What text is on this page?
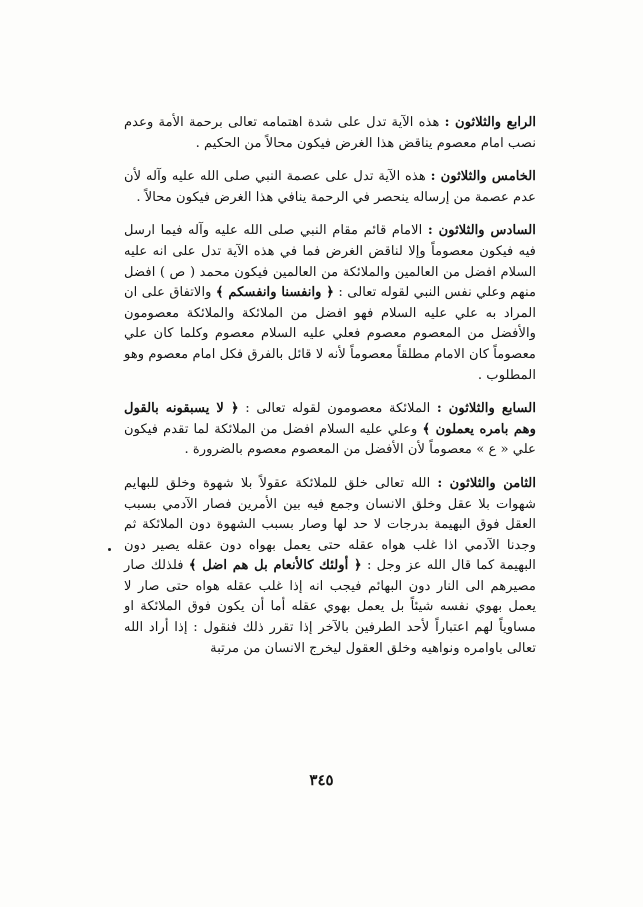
الرابع والثلاثون : هذه الآية تدل على شدة اهتمامه تعالى برحمة الأمة وعدم نصب امام معصوم يناقض هذا الغرض فيكون محالاً من الحكيم .

الخامس والثلاثون : هذه الآية تدل على عصمة النبي صلى الله عليه وآله لأن عدم عصمة من إرساله ينحصر في الرحمة ينافي هذا الغرض فيكون محالاً .

السادس والثلاثون : الامام قائم مقام النبي صلى الله عليه وآله فيما ارسل فيه فيكون معصوماً وإلا لناقض الغرض فما في هذه الآية تدل على انه عليه السلام افضل من العالمين والملائكة من العالمين فيكون محمد ( ص ) افضل منهم وعلي نفس النبي لقوله تعالى : ﴿ وانفسنا وانفسكم ﴾ والاتفاق على ان المراد به علي عليه السلام فهو افضل من الملائكة والملائكة معصومون والأفضل من المعصوم معصوم فعلي عليه السلام معصوم وكلما كان علي معصوماً كان الامام مطلقاً معصوماً لأنه لا قائل بالفرق فكل امام معصوم وهو المطلوب .

السابع والثلاثون : الملائكة معصومون لقوله تعالى : ﴿ لا يسبقونه بالقول وهم بامره يعملون ﴾ وعلي عليه السلام افضل من الملائكة لما تقدم فيكون علي « ع » معصوماً لأن الأفضل من المعصوم معصوم بالضرورة .

الثامن والثلاثون : الله تعالى خلق للملائكة عقولاً بلا شهوة وخلق للبهايم شهوات بلا عقل وخلق الانسان وجمع فيه بين الأمرين فصار الآدمي بسبب العقل فوق البهيمة بدرجات لا حد لها وصار بسبب الشهوة دون الملائكة ثم وجدنا الآدمي اذا غلب هواه عقله حتى يعمل بهواه دون عقله يصير دون البهيمة كما قال الله عز وجل : ﴿ أولئك كالأنعام بل هم اضل ﴾ فلذلك صار مصيرهم الى النار دون البهائم فيجب انه إذا غلب عقله هواه حتى صار لا يعمل بهوي نفسه شيئاً بل يعمل بهوي عقله أما أن يكون فوق الملائكة او مساوياً لهم اعتباراً لأحد الطرفين بالآخر إذا تقرر ذلك فنقول : إذا أراد الله تعالى باوامره ونواهيه وخلق العقول ليخرج الانسان من مرتبة

٣٤٥
